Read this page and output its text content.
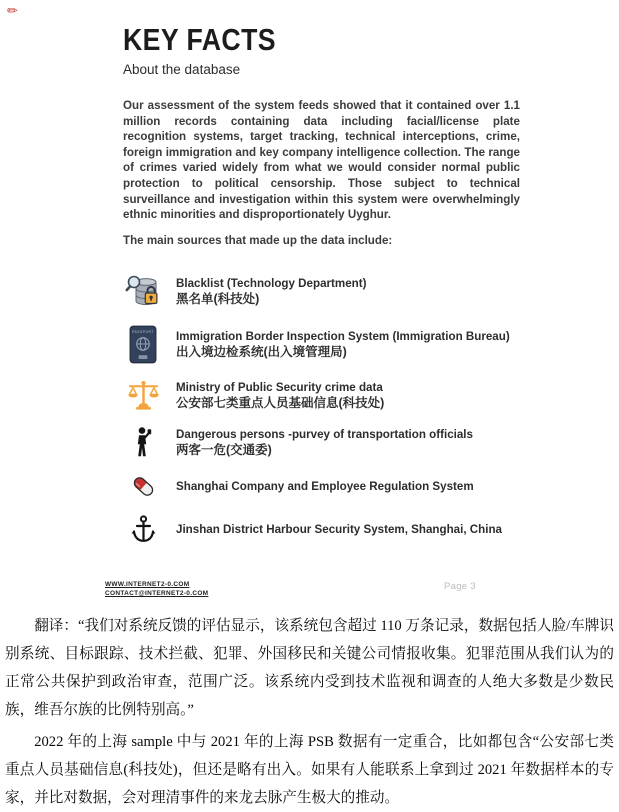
✏
KEY FACTS
About the database

Our assessment of the system feeds showed that it contained over 1.1 million records containing data including facial/license plate recognition systems, target tracking, technical interceptions, crime, foreign immigration and key company intelligence collection. The range of crimes varied widely from what we would consider normal public protection to political censorship. Those subject to technical surveillance and investigation within this system were overwhelmingly ethnic minorities and disproportionately Uyghur.

The main sources that made up the data include:
Blacklist (Technology Department)
黑名单(科技处)
PASSPORT Immigration Border Inspection System (Immigration Bureau)
出入境边检系统(出入境管理局)
Ministry of Public Security crime data
公安部七类重点人员基础信息(科技处)
Dangerous persons -purvey of transportation officials
两客一危(交通委)
Shanghai Company and Employee Regulation System
Jinshan District Harbour Security System, Shanghai, China
WWW.INTERNET2-0.COM
CONTACT@INTERNET2-0.COM
Page 3

翻译：“我们对系统反馈的评估显示，该系统包含超过 110 万条记录，数据包括人脸/车牌识别系统、目标跟踪、技术拦截、犯罪、外国移民和关键公司情报收集。犯罪范围从我们认为的正常公共保护到政治审查，范围广泛。该系统内受到技术监视和调查的人绝大多数是少数民族，维吾尔族的比例特别高。”

2022 年的上海 sample 中与 2021 年的上海 PSB 数据有一定重合，比如都包含“公安部七类重点人员基础信息(科技处)，但还是略有出入。如果有人能联系上拿到过 2021 年数据样本的专家，并比对数据，会对理清事件的来龙去脉产生极大的推动。
